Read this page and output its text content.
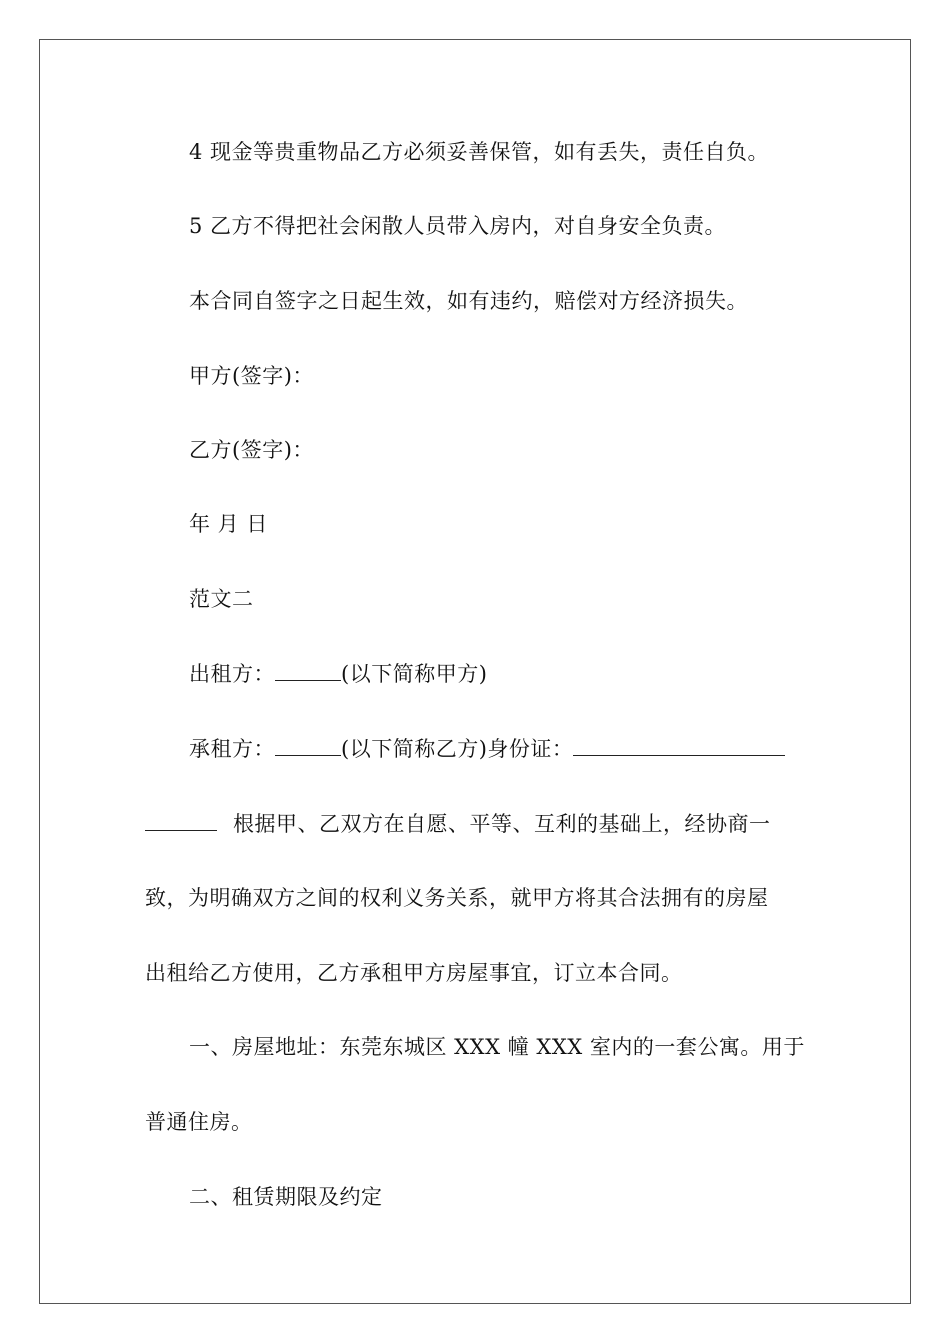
4 现金等贵重物品乙方必须妥善保管，如有丢失，责任自负。
5 乙方不得把社会闲散人员带入房内，对自身安全负责。
本合同自签字之日起生效，如有违约，赔偿对方经济损失。
甲方(签字)：
乙方(签字)：
年 月 日
范文二
出租方：	(以下简称甲方)
承租方：	(以下简称乙方)身份证：
根据甲、乙双方在自愿、平等、互利的基础上，经协商一
致，为明确双方之间的权利义务关系，就甲方将其合法拥有的房屋
出租给乙方使用，乙方承租甲方房屋事宜，订立本合同。
一、房屋地址：东莞东城区 XXX 幢 XXX 室内的一套公寓。用于
普通住房。
二、租赁期限及约定
